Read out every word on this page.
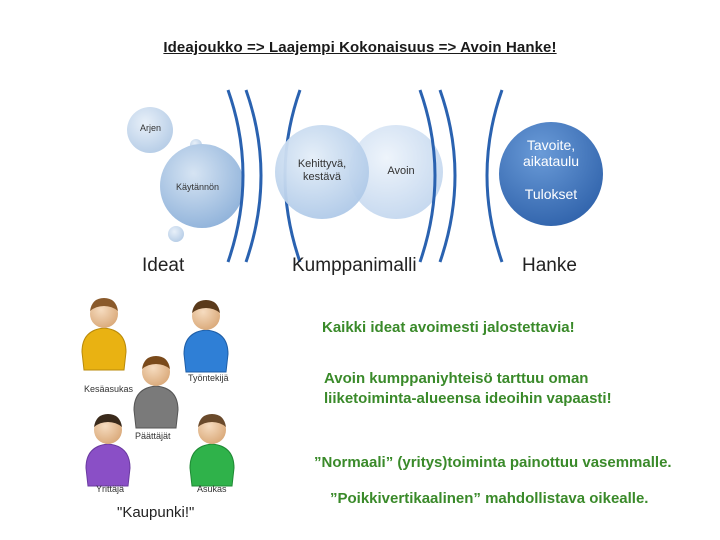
Ideajoukko => Laajempi Kokonaisuus => Avoin Hanke!
Arjen
Käytännön
Ideat
Kehittyvä, kestävä	Avoin
Kumppanimalli
Tavoite,
aikataulu
Tulokset
Hanke
Kaikki ideat avoimesti jalostettavia!
Avoin kumppaniyhteisö tarttuu oman
liiketoiminta-alueensa ideoihin vapaasti!
”Normaali” (yritys)toiminta painottuu vasemmalle.
”Poikkivertikaalinen” mahdollistava oikealle.
Työntekijä
Kesäasukas
Päättäjät
Yrittäjä	Asukas
"Kaupunki!"
